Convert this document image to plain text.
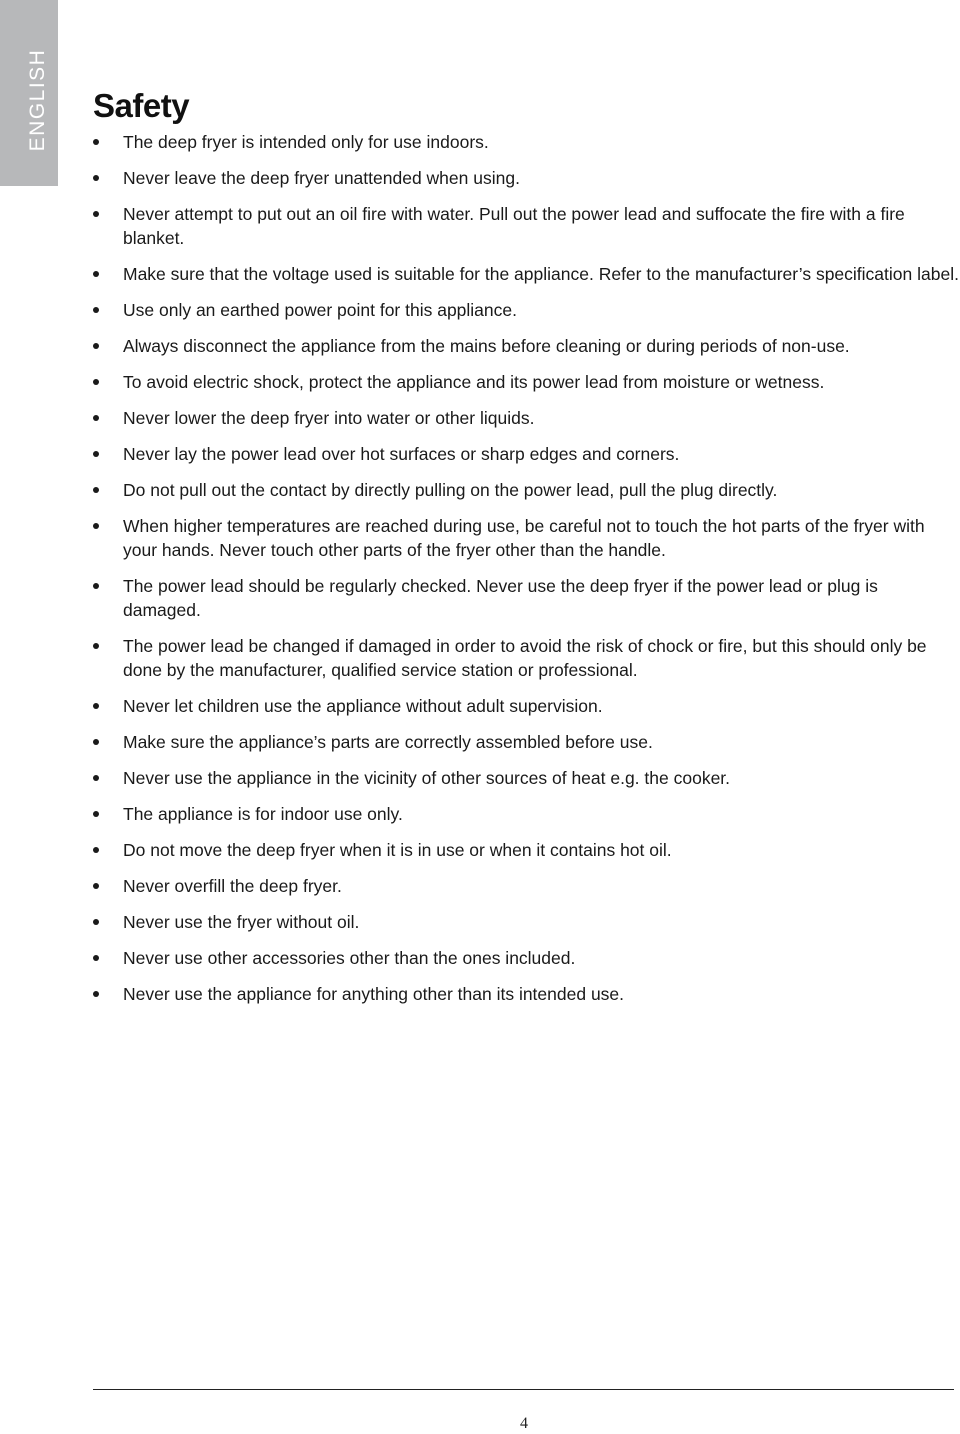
ENGLISH Safety
The deep fryer is intended only for use indoors.
Never leave the deep fryer unattended when using.
Never attempt to put out an oil fire with water. Pull out the power lead and suffocate the fire with a fire blanket.
Make sure that the voltage used is suitable for the appliance. Refer to the manufacturer’s specification label.
Use only an earthed power point for this appliance.
Always disconnect the appliance from the mains before cleaning or during periods of non-use.
To avoid electric shock, protect the appliance and its power lead from moisture or wetness.
Never lower the deep fryer into water or other liquids.
Never lay the power lead over hot surfaces or sharp edges and corners.
Do not pull out the contact by directly pulling on the power lead, pull the plug directly.
When higher temperatures are reached during use, be careful not to touch the hot parts of the fryer with your hands. Never touch other parts of the fryer other than the handle.
The power lead should be regularly checked. Never use the deep fryer if the power lead or plug is damaged.
The power lead be changed if damaged in order to avoid the risk of chock or fire, but this should only be done by the manufacturer, qualified service station or professional.
Never let children use the appliance without adult supervision.
Make sure the appliance’s parts are correctly assembled before use.
Never use the appliance in the vicinity of other sources of heat e.g. the cooker.
The appliance is for indoor use only.
Do not move the deep fryer when it is in use or when it contains hot oil.
Never overfill the deep fryer.
Never use the fryer without oil.
Never use other accessories other than the ones included.
Never use the appliance for anything other than its intended use.
4
